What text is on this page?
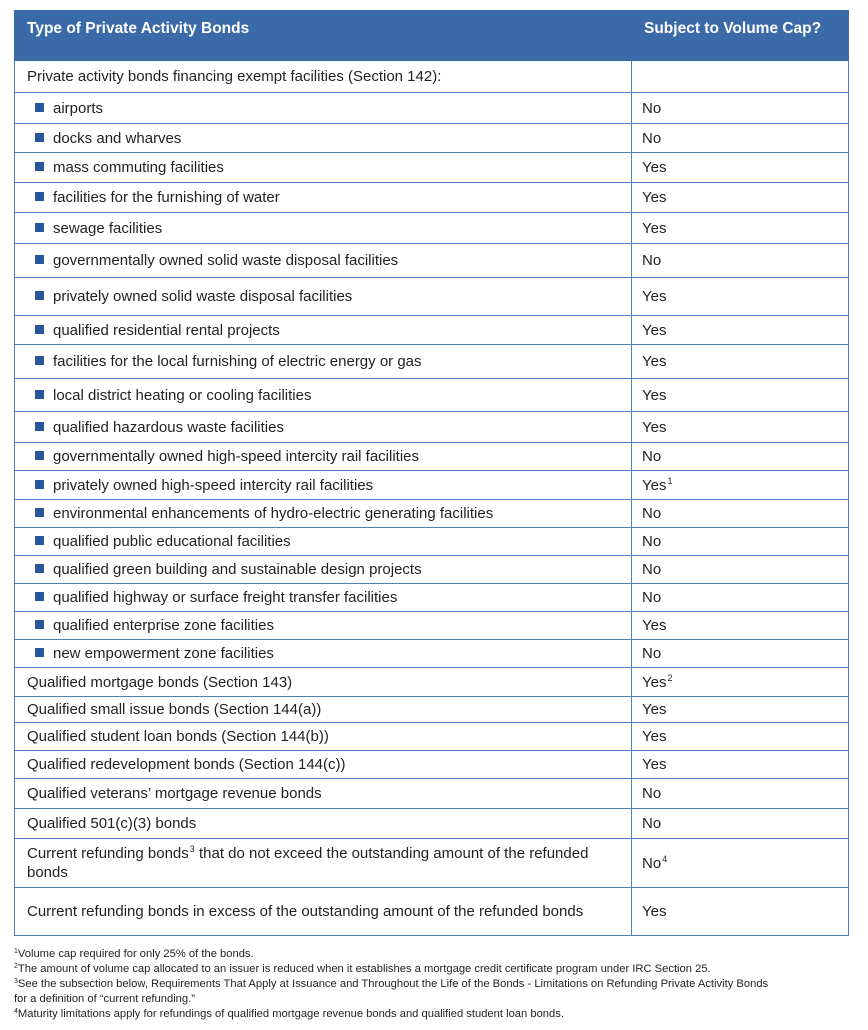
Type of Private Activity Bonds	Subject to Volume Cap?
Private activity bonds financing exempt facilities (Section 142):	
airports	No
docks and wharves	No
mass commuting facilities	Yes
facilities for the furnishing of water	Yes
sewage facilities	Yes
governmentally owned solid waste disposal facilities	No
privately owned solid waste disposal facilities	Yes
qualified residential rental projects	Yes
facilities for the local furnishing of electric energy or gas	Yes
local district heating or cooling facilities	Yes
qualified hazardous waste facilities	Yes
governmentally owned high-speed intercity rail facilities	No
privately owned high-speed intercity rail facilities	Yes$^1$
environmental enhancements of hydro-electric generating facilities	No
qualified public educational facilities	No
qualified green building and sustainable design projects	No
qualified highway or surface freight transfer facilities	No
qualified enterprise zone facilities	Yes
new empowerment zone facilities	No
Qualified mortgage bonds (Section 143)	Yes$^2$
Qualified small issue bonds (Section 144(a))	Yes
Qualified student loan bonds (Section 144(b))	Yes
Qualified redevelopment bonds (Section 144(c))	Yes
Qualified veterans’ mortgage revenue bonds	No
Qualified 501(c)(3) bonds	No
Current refunding bonds$^3$ that do not exceed the outstanding amount of the refunded bonds	No$^4$
Current refunding bonds in excess of the outstanding amount of the refunded bonds	Yes
$^1$Volume cap required for only 25% of the bonds.
$^2$The amount of volume cap allocated to an issuer is reduced when it establishes a mortgage credit certificate program under IRC Section 25.
$^3$See the subsection below, Requirements That Apply at Issuance and Throughout the Life of the Bonds - Limitations on Refunding Private Activity Bonds
for a definition of “current refunding.”
$^4$Maturity limitations apply for refundings of qualified mortgage revenue bonds and qualified student loan bonds.
